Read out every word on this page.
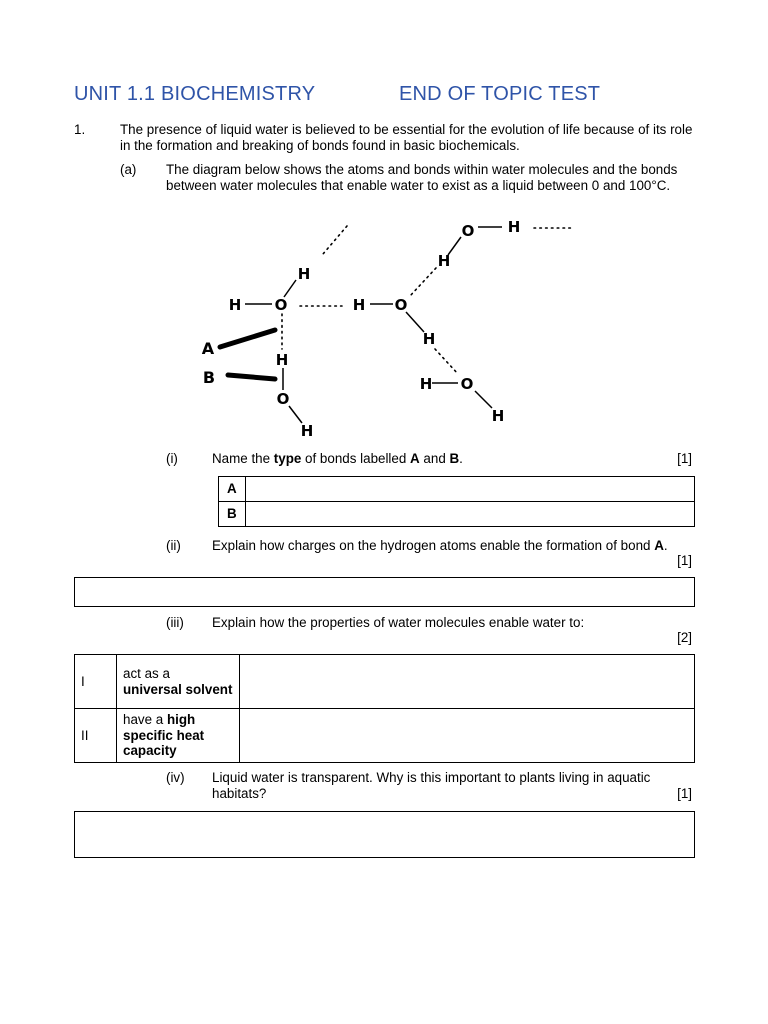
UNIT 1.1 BIOCHEMISTRY	END OF TOPIC TEST
1.	The presence of liquid water is believed to be essential for the evolution of life because of its role in the formation and breaking of bonds found in basic biochemicals.
(a) The diagram below shows the atoms and bonds within water molecules and the bonds between water molecules that enable water to exist as a liquid between 0 and 100°C.
H
H O	H O
O H
H
H
H O
H
H
O
H
A
B
(i)	Name the type of bonds labelled A and B.	[1]
A	
B	
(ii) Explain how charges on the hydrogen atoms enable the formation of bond A.
[1]
(iii) Explain how the properties of water molecules enable water to:
[2]
I	act as a
universal solvent	
II	have a high specific heat capacity	
(iv) Liquid water is transparent. Why is this important to plants living in aquatic habitats?	[1]
